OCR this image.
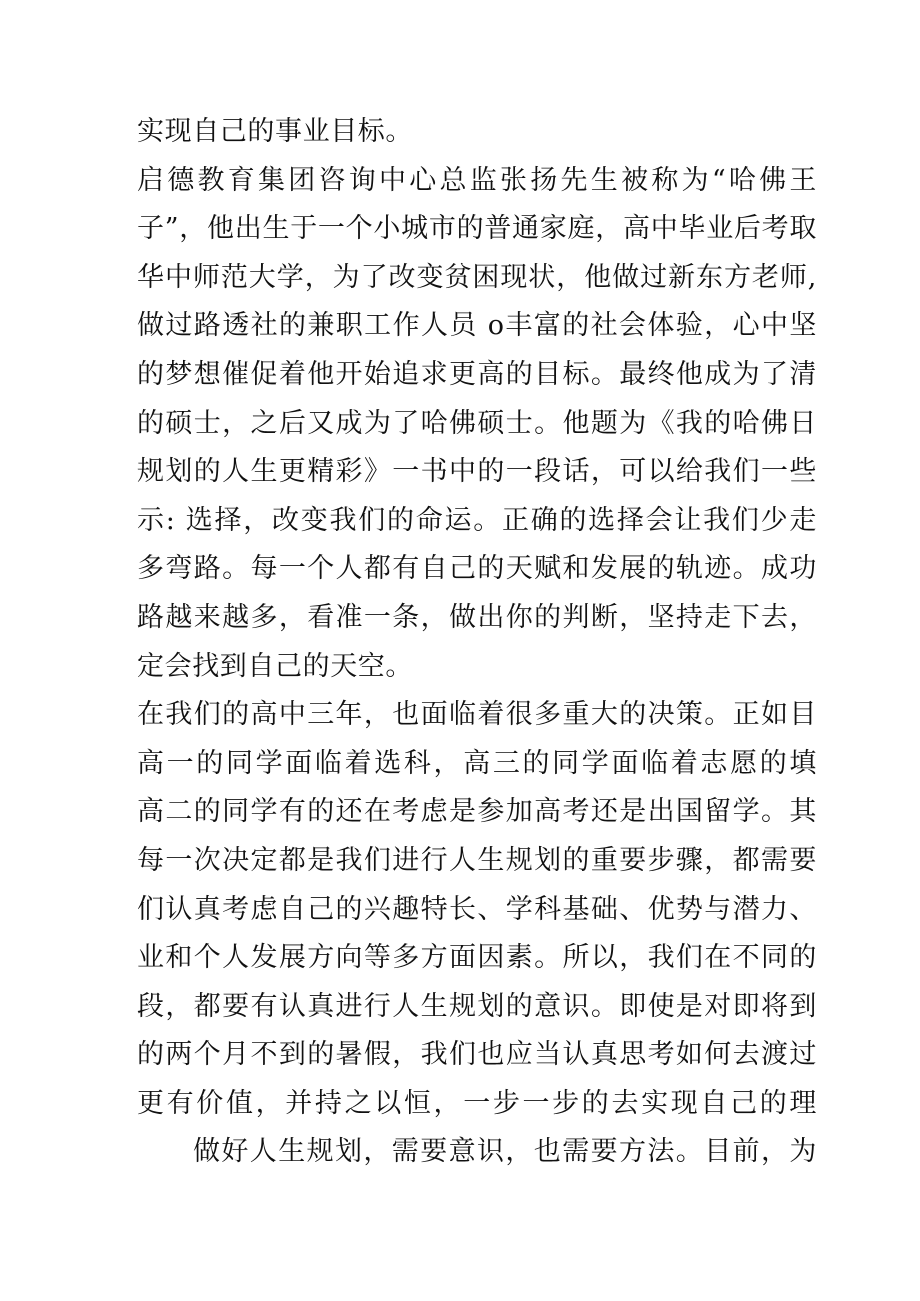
实现自己的事业目标。
启德教育集团咨询中心总监张扬先生被称为“哈佛王
子”，他出生于一个小城市的普通家庭，高中毕业后考取
华中师范大学，为了改变贫困现状，他做过新东方老师,
做过路透社的兼职工作人员 o丰富的社会体验，心中坚
的梦想催促着他开始追求更高的目标。最终他成为了清
的硕士，之后又成为了哈佛硕士。他题为《我的哈佛日
规划的人生更精彩》一书中的一段话，可以给我们一些
示: 选择，改变我们的命运。正确的选择会让我们少走
多弯路。每一个人都有自己的天赋和发展的轨迹。成功
路越来越多，看准一条，做出你的判断，坚持走下去，
定会找到自己的天空。
在我们的高中三年，也面临着很多重大的决策。正如目
高一的同学面临着选科，高三的同学面临着志愿的填
高二的同学有的还在考虑是参加高考还是出国留学。其
每一次决定都是我们进行人生规划的重要步骤，都需要
们认真考虑自己的兴趣特长、学科基础、优势与潜力、
业和个人发展方向等多方面因素。所以，我们在不同的
段，都要有认真进行人生规划的意识。即使是对即将到
的两个月不到的暑假，我们也应当认真思考如何去渡过
更有价值，并持之以恒，一步一步的去实现自己的理
做好人生规划，需要意识，也需要方法。目前，为
